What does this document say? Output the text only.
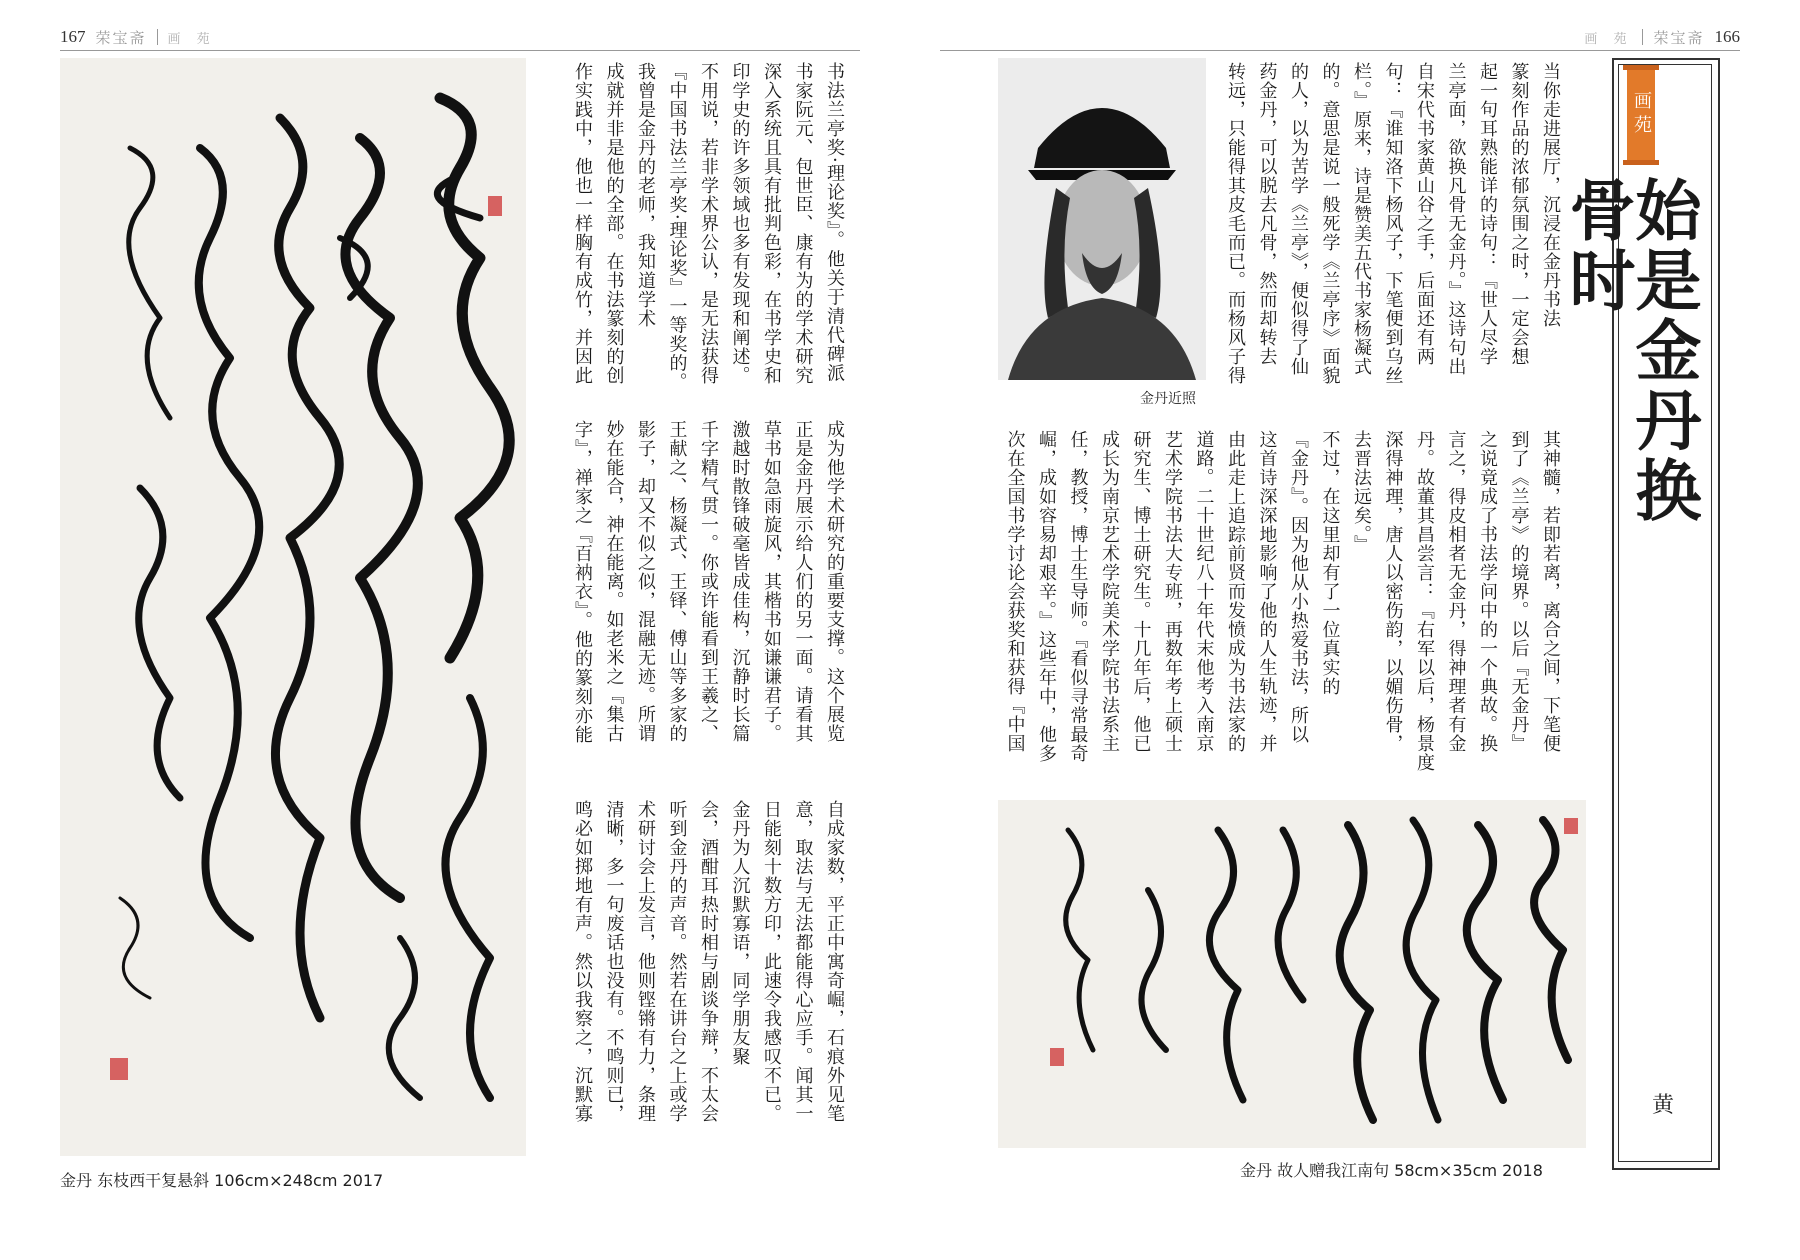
167 荣宝斋 画 苑
金丹 东枝西干复悬斜 106cm×248cm 2017
书法兰亭奖·理论奖』。他关于清代碑派
书家阮元、包世臣、康有为的学术研究
深入系统且具有批判色彩，在书学史和
印学史的许多领域也多有发现和阐述。
不用说，若非学术界公认，是无法获得
『中国书法兰亭奖·理论奖』一等奖的。
我曾是金丹的老师，我知道学术
成就并非是他的全部。在书法篆刻的创
作实践中，他也一样胸有成竹，并因此
成为他学术研究的重要支撑。这个展览
正是金丹展示给人们的另一面。请看其
草书如急雨旋风，其楷书如谦谦君子。
激越时散锋破毫皆成佳构，沉静时长篇
千字精气贯一。你或许能看到王羲之、
王献之、杨凝式、王铎、傅山等多家的
影子，却又不似之似，混融无迹。所谓
妙在能合，神在能离。如老米之『集古
字』，禅家之『百衲衣』。他的篆刻亦能
自成家数，平正中寓奇崛，石痕外见笔
意，取法与无法都能得心应手。闻其一
日能刻十数方印，此速令我感叹不已。
金丹为人沉默寡语，同学朋友聚
会，酒酣耳热时相与剧谈争辩，不太会
听到金丹的声音。然若在讲台之上或学
术研讨会上发言，他则铿锵有力，条理
清晰，多一句废话也没有。不鸣则已，
鸣必如掷地有声。然以我察之，沉默寡
166
荣宝斋
画 苑
金丹近照
金丹 故人赠我江南句 58cm×35cm 2018
当你走进展厅，沉浸在金丹书法
篆刻作品的浓郁氛围之时，一定会想
起一句耳熟能详的诗句：『世人尽学
兰亭面，欲换凡骨无金丹。』这诗句出
自宋代书家黄山谷之手，后面还有两
句：『谁知洛下杨风子，下笔便到乌丝
栏。』原来，诗是赞美五代书家杨凝式
的。意思是说一般死学《兰亭序》面貌
的人，以为苦学《兰亭》，便似得了仙
药金丹，可以脱去凡骨，然而却转去
转远，只能得其皮毛而已。而杨风子得
其神髓，若即若离，离合之间，下笔便
到了《兰亭》的境界。以后『无金丹』
之说竟成了书法学问中的一个典故。换
言之，得皮相者无金丹，得神理者有金
丹。故董其昌尝言：『右军以后，杨景度
深得神理，唐人以密伤韵，以媚伤骨，
去晋法远矣。』
不过，在这里却有了一位真实的
『金丹』。因为他从小热爱书法，所以
这首诗深深地影响了他的人生轨迹，并
由此走上追踪前贤而发愤成为书法家的
道路。二十世纪八十年代末他考入南京
艺术学院书法大专班，再数年考上硕士
研究生、博士研究生。十几年后，他已
成长为南京艺术学院美术学院书法系主
任，教授，博士生导师。『看似寻常最奇
崛，成如容易却艰辛。』这些年中，他多
次在全国书学讨论会获奖和获得『中国
画苑
始是金丹换骨时
黄
